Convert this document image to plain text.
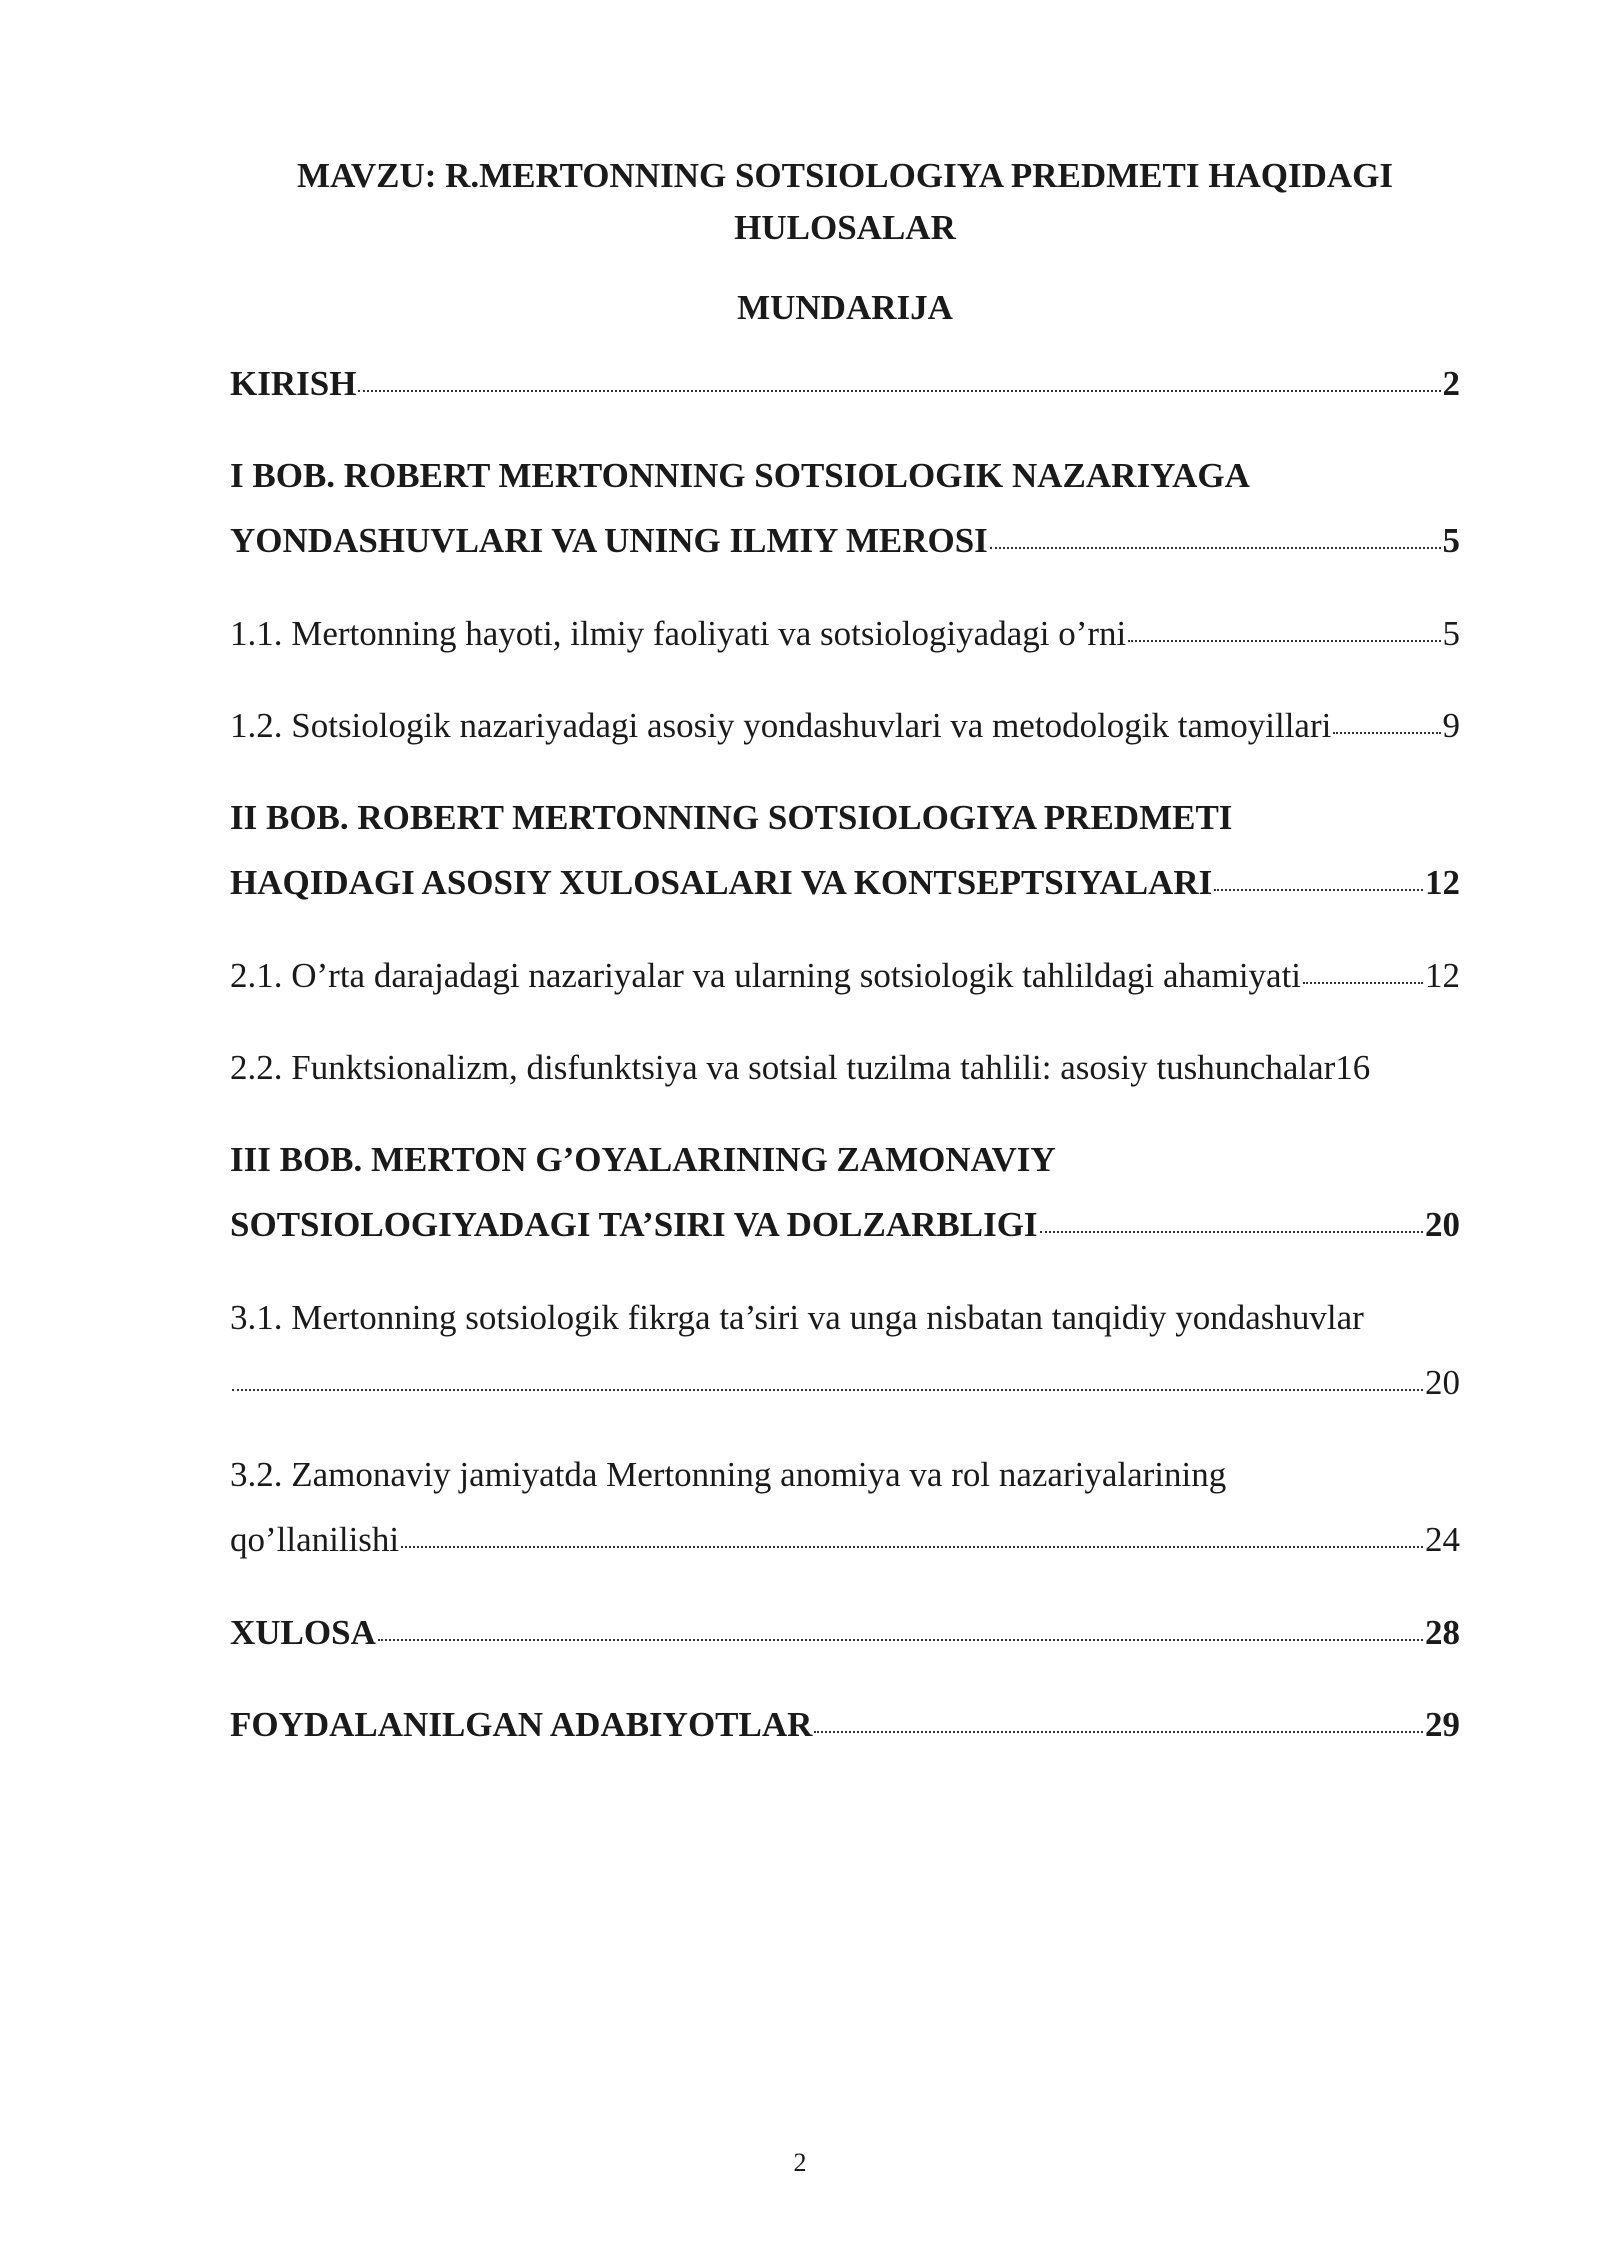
MAVZU: R.MERTONNING SOTSIOLOGIYA PREDMETI HAQIDAGI HULOSALAR
MUNDARIJA
KIRISH	2
I BOB. ROBERT MERTONNING SOTSIOLOGIK NAZARIYAGA
YONDASHUVLARI VA UNING ILMIY MEROSI	5
1.1. Mertonning hayoti, ilmiy faoliyati va sotsiologiyadagi o’rni	5
1.2. Sotsiologik nazariyadagi asosiy yondashuvlari va metodologik tamoyillari	9
II BOB. ROBERT MERTONNING SOTSIOLOGIYA PREDMETI
HAQIDAGI ASOSIY XULOSALARI VA KONTSEPTSIYALARI	12
2.1. O’rta darajadagi nazariyalar va ularning sotsiologik tahlildagi ahamiyati	12
2.2. Funktsionalizm, disfunktsiya va sotsial tuzilma tahlili: asosiy tushunchalar 16
III BOB. MERTON G’OYALARINING ZAMONAVIY
SOTSIOLOGIYADAGI TA’SIRI VA DOLZARBLIGI	20
3.1. Mertonning sotsiologik fikrga ta’siri va unga nisbatan tanqidiy yondashuvlar
20
3.2. Zamonaviy jamiyatda Mertonning anomiya va rol nazariyalarining
qo’llanilishi	24
XULOSA	28
FOYDALANILGAN ADABIYOTLAR	29
2
